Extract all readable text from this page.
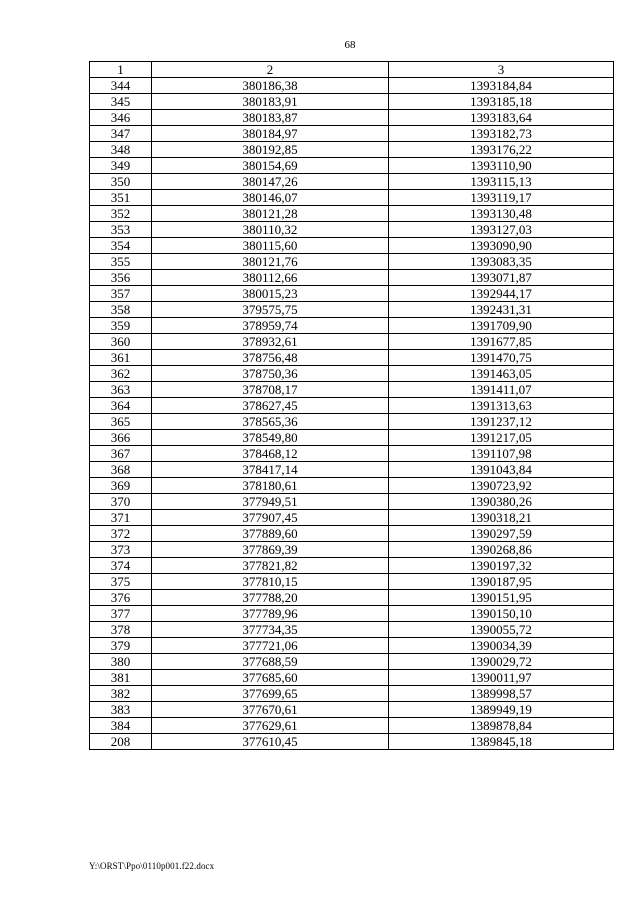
68
1	2	3
344	380186,38	1393184,84
345	380183,91	1393185,18
346	380183,87	1393183,64
347	380184,97	1393182,73
348	380192,85	1393176,22
349	380154,69	1393110,90
350	380147,26	1393115,13
351	380146,07	1393119,17
352	380121,28	1393130,48
353	380110,32	1393127,03
354	380115,60	1393090,90
355	380121,76	1393083,35
356	380112,66	1393071,87
357	380015,23	1392944,17
358	379575,75	1392431,31
359	378959,74	1391709,90
360	378932,61	1391677,85
361	378756,48	1391470,75
362	378750,36	1391463,05
363	378708,17	1391411,07
364	378627,45	1391313,63
365	378565,36	1391237,12
366	378549,80	1391217,05
367	378468,12	1391107,98
368	378417,14	1391043,84
369	378180,61	1390723,92
370	377949,51	1390380,26
371	377907,45	1390318,21
372	377889,60	1390297,59
373	377869,39	1390268,86
374	377821,82	1390197,32
375	377810,15	1390187,95
376	377788,20	1390151,95
377	377789,96	1390150,10
378	377734,35	1390055,72
379	377721,06	1390034,39
380	377688,59	1390029,72
381	377685,60	1390011,97
382	377699,65	1389998,57
383	377670,61	1389949,19
384	377629,61	1389878,84
208	377610,45	1389845,18
Y:\ORST\Ppo\0110p001.f22.docx
